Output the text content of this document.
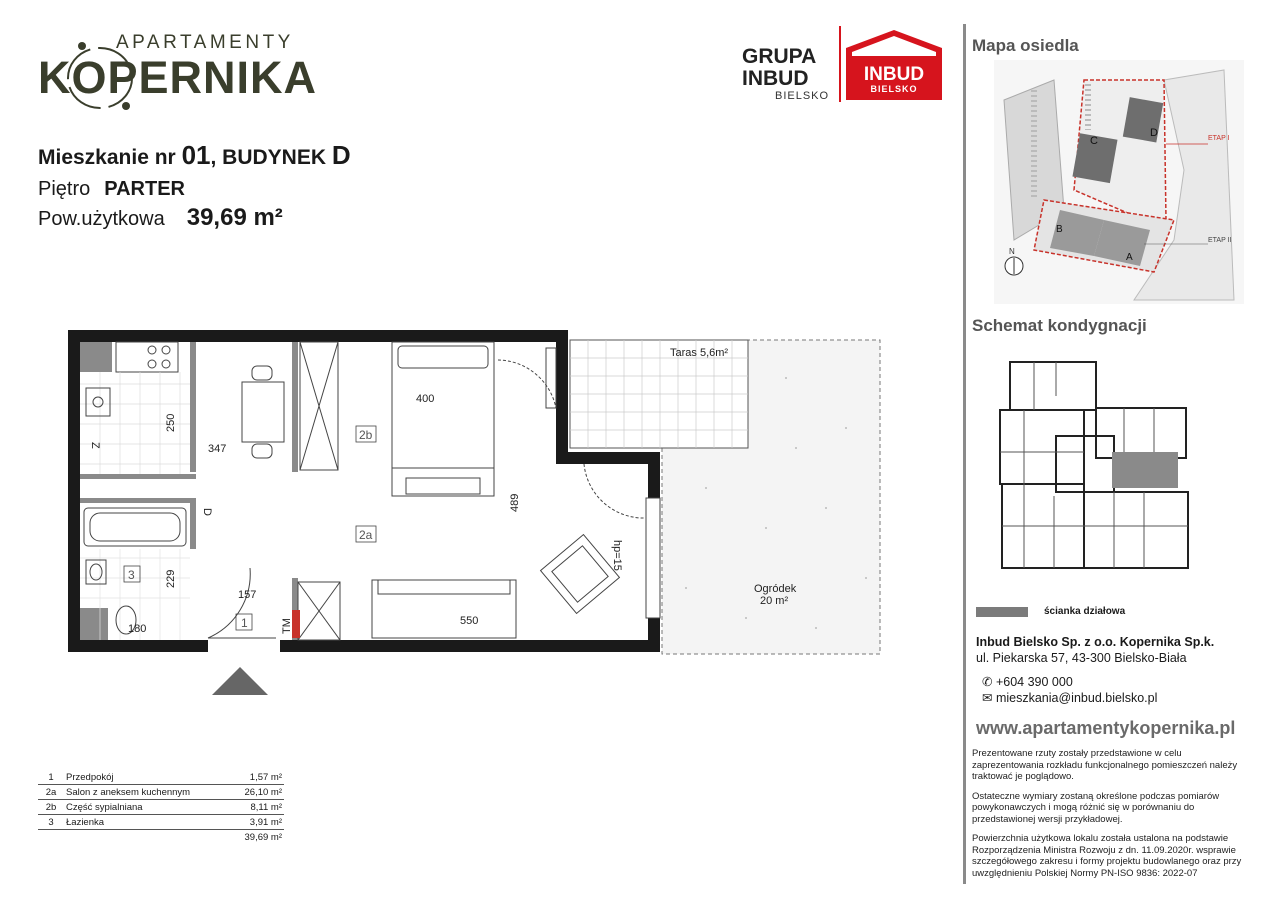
APARTAMENTY
KOPERNIKA	GRUPA
INBUD
BIELSKO
INBUD
BIELSKO
Mieszkanie nr 01, BUDYNEK D
Piętro PARTER
Pow.użytkowa 39,69 m²
2b
2a
3
1
250
347
400
489
229
157
180
550
hp=15
TM
D
Z
Taras 5,6m²
Ogródek
20 m²
1	Przedpokój	1,57 m²
2a	Salon z aneksem kuchennym	26,10 m²
2b	Część sypialniana	8,11 m²
3	Łazienka	3,91 m²
		39,69 m²
Mapa osiedla
D
C
B
A
ETAP I
ETAP II
N
Schemat kondygnacji
ścianka działowa
Inbud Bielsko Sp. z o.o. Kopernika Sp.k.
ul. Piekarska 57, 43-300 Bielsko-Biała
✆ +604 390 000
✉ mieszkania@inbud.bielsko.pl
www.apartamentykopernika.pl

Prezentowane rzuty zostały przedstawione w celu zaprezentowania rozkładu funkcjonalnego pomieszczeń należy traktować je poglądowo.

Ostateczne wymiary zostaną określone podczas pomiarów powykonawczych i mogą różnić się w porównaniu do przedstawionej wersji przykładowej.

Powierzchnia użytkowa lokalu została ustalona na podstawie Rozporządzenia Ministra Rozwoju z dn. 11.09.2020r. wsprawie szczegółowego zakresu i formy projektu budowlanego oraz przy uwzględnieniu Polskiej Normy PN-ISO 9836: 2022-07
